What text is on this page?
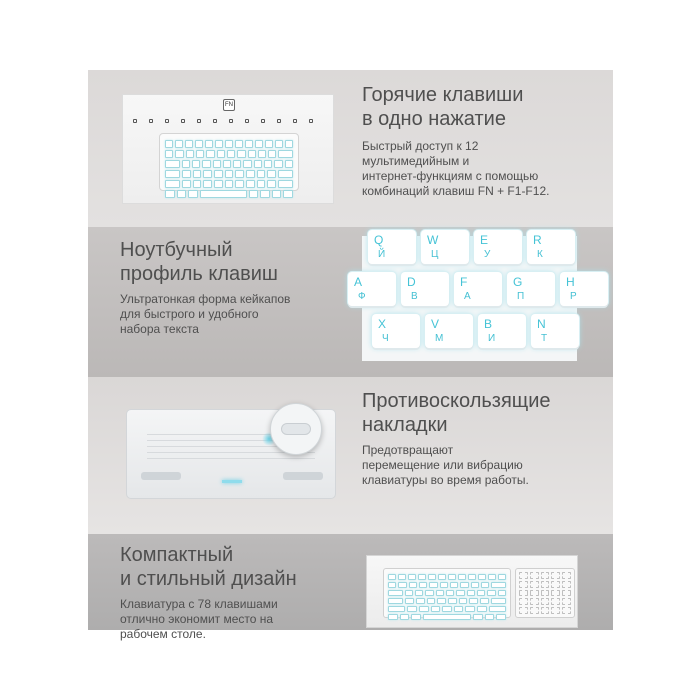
FN	Горячие клавиши
в одно нажатие
Быстрый доступ к 12
мультимедийным и
интернет-функциям с помощью
комбинаций клавиш FN + F1-F12.
Ноутбучный
профиль клавиш
Ультратонкая форма кейкапов
для быстрого и удобного
набора текста
Q
Й
W
Ц
E
У
R
К
A
Ф
D
В
F
А
G
П
H
Р
X
Ч
V
М
B
И
N
Т
Противоскользящие
накладки
Предотвращают
перемещение или вибрацию
клавиатуры во время работы.
Компактный
и стильный дизайн
Клавиатура с 78 клавишами
отлично экономит место на
рабочем столе.
